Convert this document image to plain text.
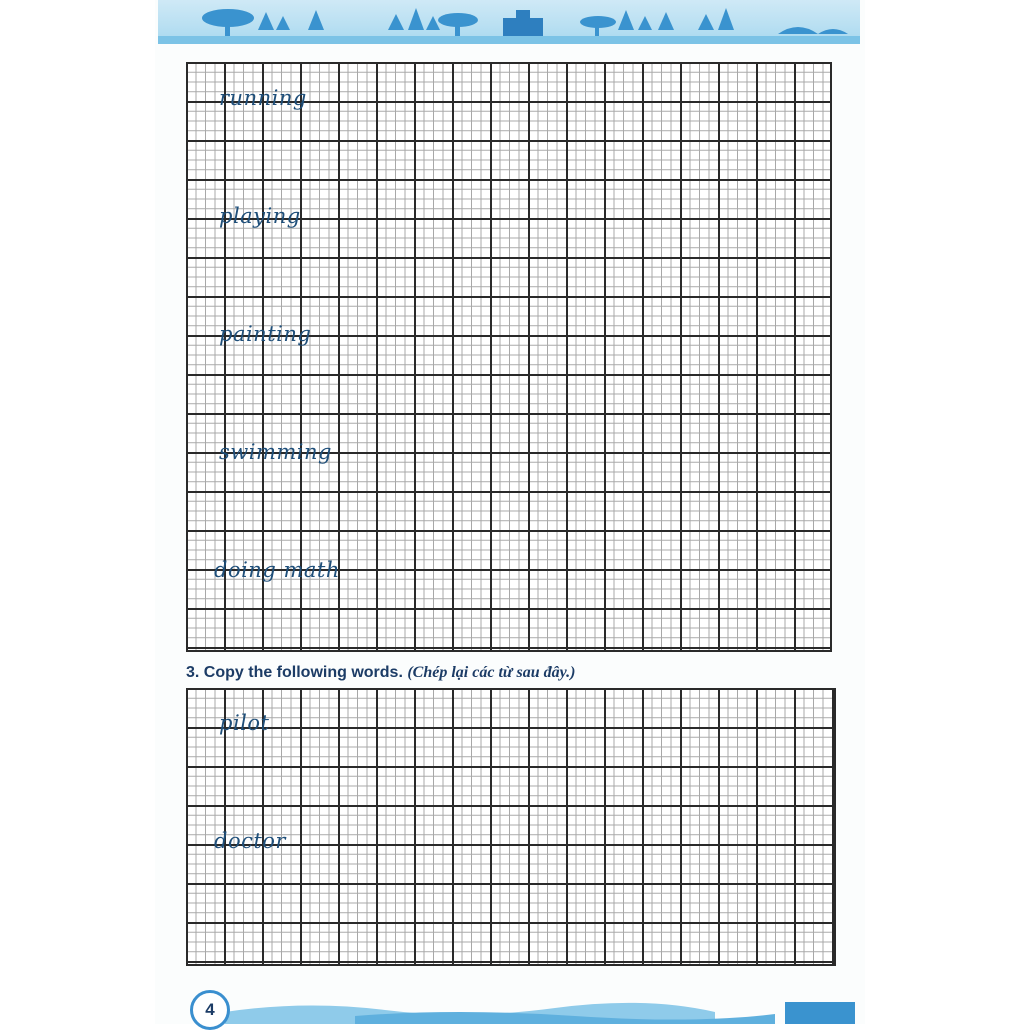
running
playing
painting
swimming
doing math
3. Copy the following words. (Chép lại các từ sau đây.)
pilot
doctor
4
